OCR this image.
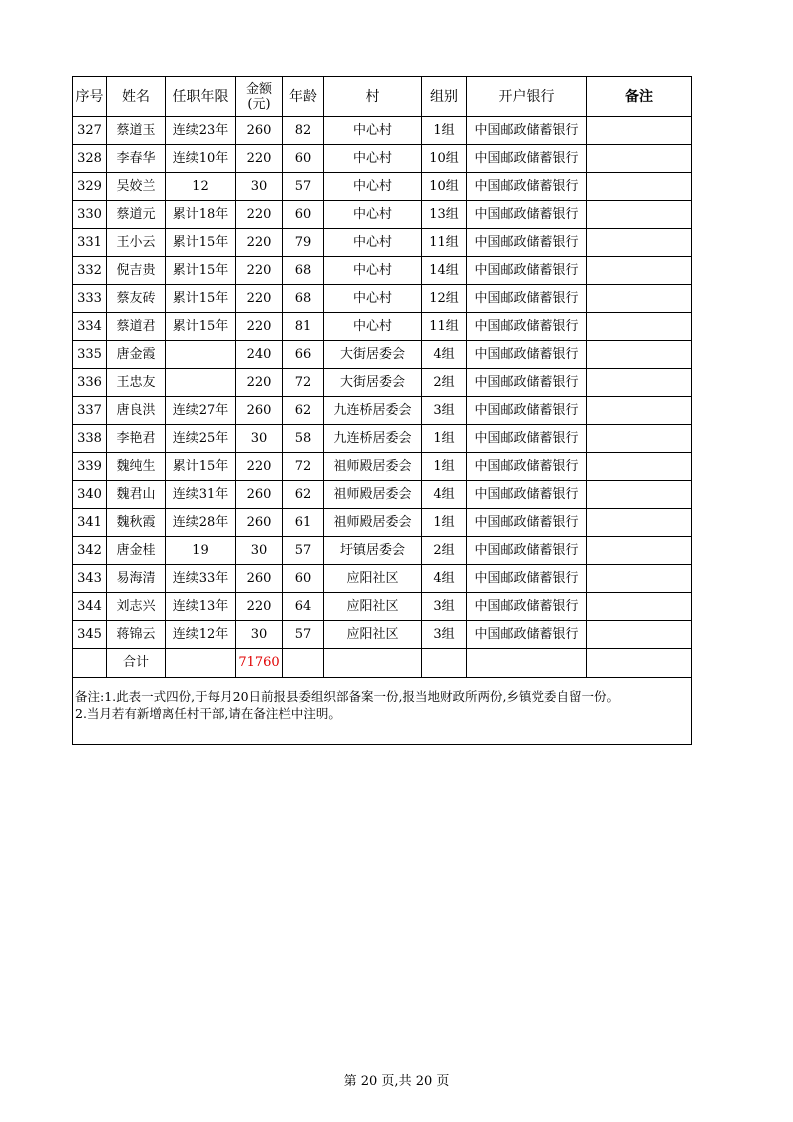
序号	姓名	任职年限	金额
(元)	年龄	村	组别	开户银行	备注
327	蔡道玉	连续23年	260	82	中心村	1组	中国邮政储蓄银行	
328	李春华	连续10年	220	60	中心村	10组	中国邮政储蓄银行	
329	吴姣兰	12	30	57	中心村	10组	中国邮政储蓄银行	
330	蔡道元	累计18年	220	60	中心村	13组	中国邮政储蓄银行	
331	王小云	累计15年	220	79	中心村	11组	中国邮政储蓄银行	
332	倪吉贵	累计15年	220	68	中心村	14组	中国邮政储蓄银行	
333	蔡友砖	累计15年	220	68	中心村	12组	中国邮政储蓄银行	
334	蔡道君	累计15年	220	81	中心村	11组	中国邮政储蓄银行	
335	唐金霞		240	66	大街居委会	4组	中国邮政储蓄银行	
336	王忠友		220	72	大街居委会	2组	中国邮政储蓄银行	
337	唐良洪	连续27年	260	62	九连桥居委会	3组	中国邮政储蓄银行	
338	李艳君	连续25年	30	58	九连桥居委会	1组	中国邮政储蓄银行	
339	魏纯生	累计15年	220	72	祖师殿居委会	1组	中国邮政储蓄银行	
340	魏君山	连续31年	260	62	祖师殿居委会	4组	中国邮政储蓄银行	
341	魏秋霞	连续28年	260	61	祖师殿居委会	1组	中国邮政储蓄银行	
342	唐金桂	19	30	57	圩镇居委会	2组	中国邮政储蓄银行	
343	易海清	连续33年	260	60	应阳社区	4组	中国邮政储蓄银行	
344	刘志兴	连续13年	220	64	应阳社区	3组	中国邮政储蓄银行	
345	蒋锦云	连续12年	30	57	应阳社区	3组	中国邮政储蓄银行	
	合计		71760					

备注:1.此表一式四份,于每月20日前报县委组织部备案一份,报当地财政所两份,乡镇党委自留一份。
2.当月若有新增离任村干部,请在备注栏中注明。								
第 20 页,共 20 页
